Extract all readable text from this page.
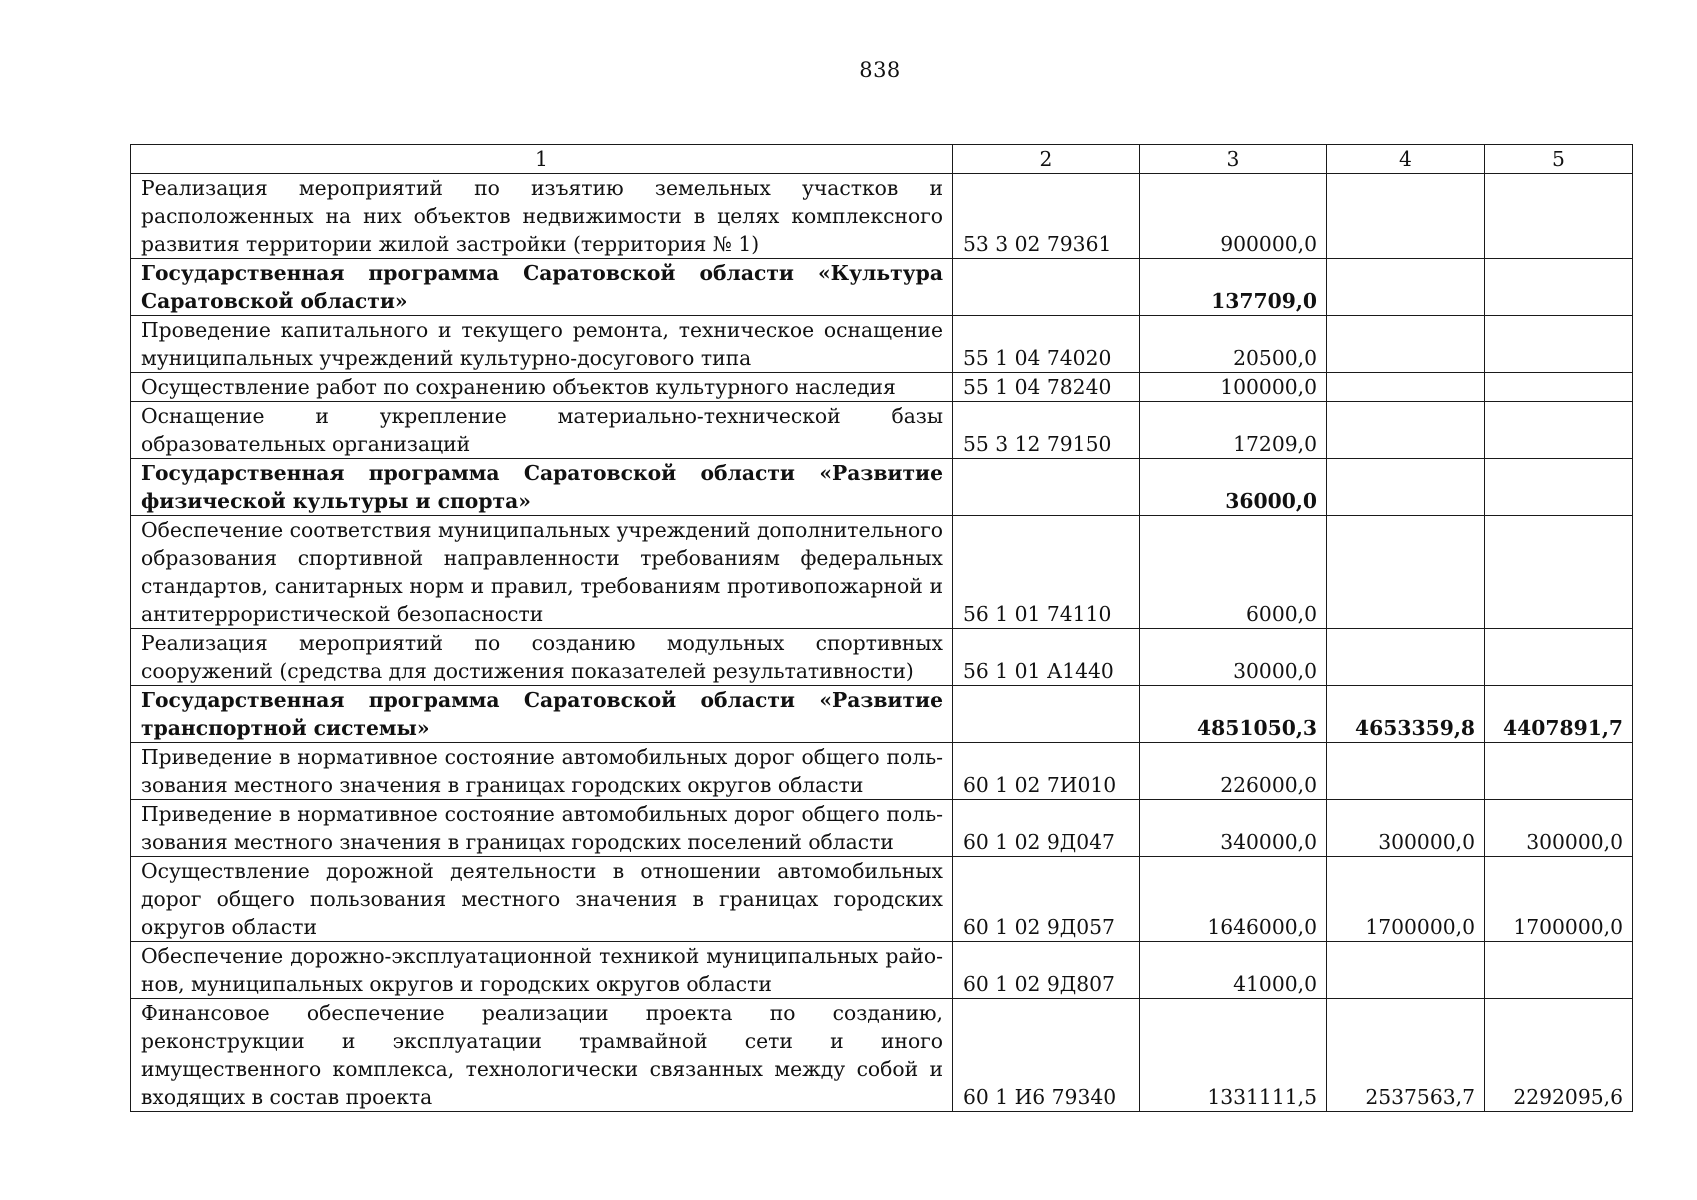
838
1	2	3	4	5
Реализация мероприятий по изъятию земельных участков и расположенных на них объектов недвижимости в целях комплексного развития территории жилой застройки (территория № 1)	53 3 02 79361	900000,0		
Государственная программа Саратовской области «Культура Саратовской области»		137709,0		
Проведение капитального и текущего ремонта, техническое оснащение муниципальных учреждений культурно-досугового типа	55 1 04 74020	20500,0		
Осуществление работ по сохранению объектов культурного наследия	55 1 04 78240	100000,0		
Оснащение и укрепление материально-технической базы образовательных организаций	55 3 12 79150	17209,0		
Государственная программа Саратовской области «Развитие физической культуры и спорта»		36000,0		
Обеспечение соответствия муниципальных учреждений дополнительного образования спортивной направленности требованиям федеральных стандартов, санитарных норм и правил, требованиям противопожарной и антитеррористической безопасности	56 1 01 74110	6000,0		
Реализация мероприятий по созданию модульных спортивных сооружений (средства для достижения показателей результативности)	56 1 01 А1440	30000,0		
Государственная программа Саратовской области «Развитие транспортной системы»		4851050,3	4653359,8	4407891,7
Приведение в нормативное состояние автомобильных дорог общего пользования местного значения в границах городских округов области	60 1 02 7И010	226000,0		
Приведение в нормативное состояние автомобильных дорог общего пользования местного значения в границах городских поселений области	60 1 02 9Д047	340000,0	300000,0	300000,0
Осуществление дорожной деятельности в отношении автомобильных дорог общего пользования местного значения в границах городских округов области	60 1 02 9Д057	1646000,0	1700000,0	1700000,0
Обеспечение дорожно-эксплуатационной техникой муниципальных районов, муниципальных округов и городских округов области	60 1 02 9Д807	41000,0		
Финансовое обеспечение реализации проекта по созданию, реконструкции и эксплуатации трамвайной сети и иного имущественного комплекса, технологически связанных между собой и входящих в состав проекта	60 1 И6 79340	1331111,5	2537563,7	2292095,6
